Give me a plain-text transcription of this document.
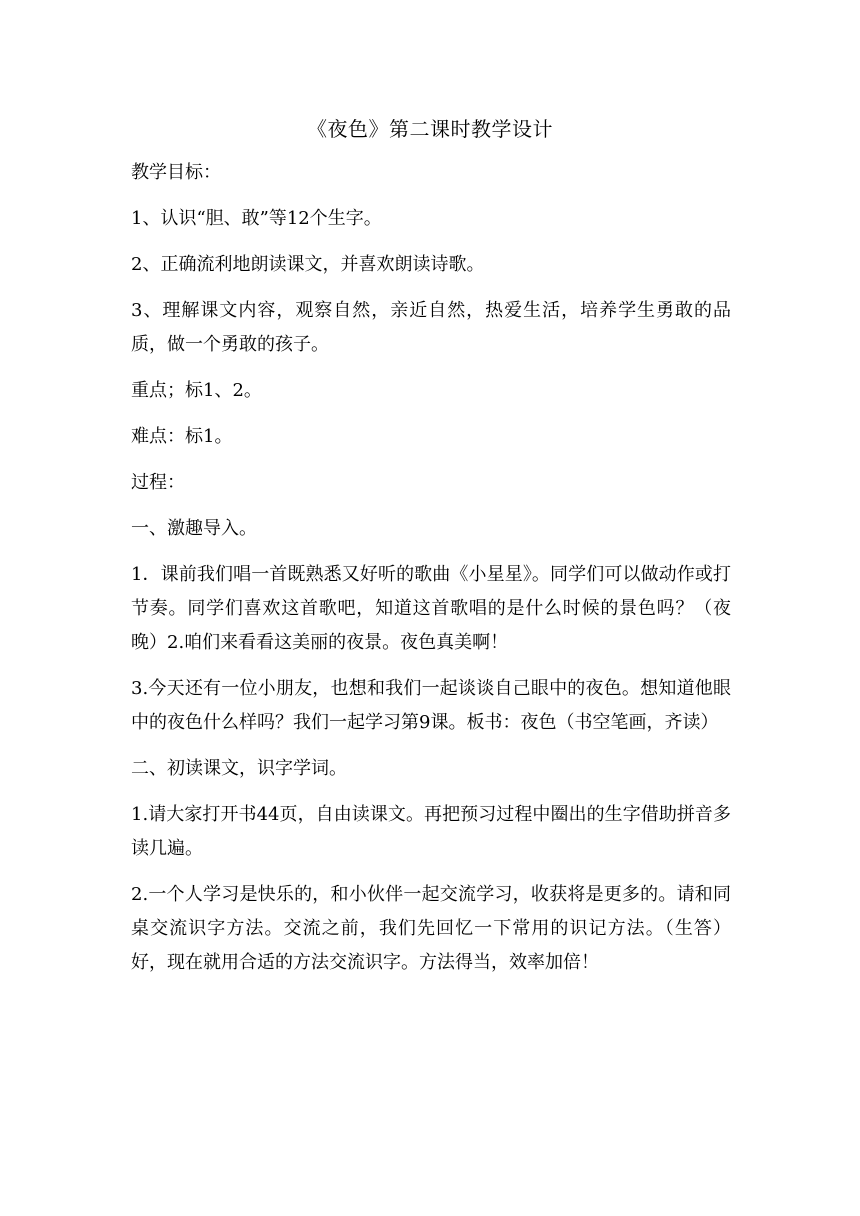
《夜色》第二课时教学设计

教学目标：

1、认识“胆、敢”等12个生字。

2、正确流利地朗读课文，并喜欢朗读诗歌。

3、理解课文内容，观察自然，亲近自然，热爱生活，培养学生勇敢的品质，做一个勇敢的孩子。

重点；标1、2。

难点：标1。

过程：

一、激趣导入。

1．课前我们唱一首既熟悉又好听的歌曲《小星星》。同学们可以做动作或打节奏。同学们喜欢这首歌吧，知道这首歌唱的是什么时候的景色吗？（夜晚）2.咱们来看看这美丽的夜景。夜色真美啊！

3.今天还有一位小朋友，也想和我们一起谈谈自己眼中的夜色。想知道他眼中的夜色什么样吗？我们一起学习第9课。板书：夜色（书空笔画，齐读）

二、初读课文，识字学词。

1.请大家打开书44页，自由读课文。再把预习过程中圈出的生字借助拼音多读几遍。

2.一个人学习是快乐的，和小伙伴一起交流学习，收获将是更多的。请和同桌交流识字方法。交流之前，我们先回忆一下常用的识记方法。（生答）好，现在就用合适的方法交流识字。方法得当，效率加倍！
